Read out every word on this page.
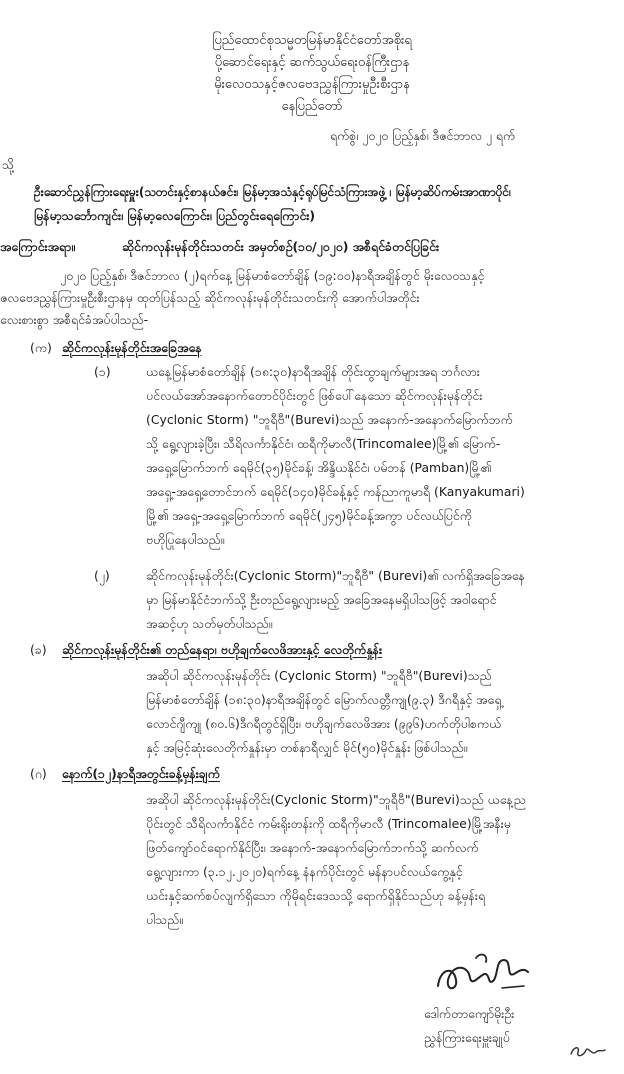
ပြည်ထောင်စုသမ္မတမြန်မာနိုင်ငံတော်အစိုးရ
ပို့ဆောင်ရေးနှင့် ဆက်သွယ်ရေးဝန်ကြီးဌာန
မိုးလေဝသနှင့်ဇလဗေဒညွှန်ကြားမှုဦးစီးဌာန
နေပြည်တော်
ရက်စွဲ၊ ၂၀၂၀ ပြည့်နှစ်၊ ဒီဇင်ဘာလ ၂ ရက်
သို့
ဦးဆောင်ညွှန်ကြားရေးမှူး(သတင်းနှင့်စာနယ်ဇင်း၊ မြန်မာ့အသံနှင့်ရုပ်မြင်သံကြားအဖွဲ့ ၊ မြန်မာ့ဆိပ်ကမ်းအာဏာပိုင်၊
မြန်မာ့သင်္ဘောကျင်း၊ မြန်မာ့လေကြောင်း၊ ပြည်တွင်းရေကြောင်း)
အကြောင်းအရာ။	ဆိုင်ကလုန်းမုန်တိုင်းသတင်း အမှတ်စဉ်(၁၀/၂၀၂၀) အစီရင်ခံတင်ပြခြင်း
၂၀၂၀ ပြည့်နှစ်၊ ဒီဇင်ဘာလ (၂)ရက်နေ့ မြန်မာစံတော်ချိန် (၁၉:၀၀)နာရီအချိန်တွင် မိုးလေဝသနှင့်
ဇလဗေဒညွှန်ကြားမှုဦးစီးဌာနမှ ထုတ်ပြန်သည့် ဆိုင်ကလုန်းမုန်တိုင်းသတင်းကို အောက်ပါအတိုင်း
လေးစားစွာ အစီရင်ခံအပ်ပါသည်-
(က) ဆိုင်ကလုန်းမုန်တိုင်းအခြေအနေ
(၁)	ယနေ့မြန်မာစံတော်ချိန် (၁၈:၃၀)နာရီအချိန် တိုင်းထွာချက်များအရ ဘင်္ဂလား
ပင်လယ်အော်အနောက်တောင်ပိုင်းတွင် ဖြစ်ပေါ်နေသော ဆိုင်ကလုန်းမုန်တိုင်း
(Cyclonic Storm) "ဘူရီဗီ"(Burevi)သည် အနောက်-အနောက်မြောက်ဘက်
သို့ ရွေ့လျားခဲ့ပြီး၊ သီရိလင်္ကာနိုင်ငံ၊ ထရီကိုမာလီ(Trincomalee)မြို့၏ မြောက်-
အရှေ့မြောက်ဘက် ရေမိုင်(၃၅)မိုင်ခန့်၊ အိန္ဒိယနိုင်ငံ၊ ပမ်ဘန် (Pamban)မြို့၏
အရှေ့-အရှေ့တောင်ဘက် ရေမိုင်(၁၄၀)မိုင်ခန့်နှင့် ကန်ညာကူမာရီ (Kanyakumari)
မြို့၏ အရှေ့-အရှေ့မြောက်ဘက် ရေမိုင်(၂၄၅)မိုင်ခန့်အကွာ ပင်လယ်ပြင်ကို
ဗဟိုပြုနေပါသည်။
(၂)	ဆိုင်ကလုန်းမုန်တိုင်း(Cyclonic Storm)"ဘူရီဗီ" (Burevi)၏ လက်ရှိအခြေအနေ
မှာ မြန်မာနိုင်ငံဘက်သို့ ဦးတည်ရွေ့လျားမည့် အခြေအနေမရှိပါသဖြင့် အဝါရောင်
အဆင့်ဟု သတ်မှတ်ပါသည်။
(ခ) ဆိုင်ကလုန်းမုန်တိုင်း၏ တည်နေရာ၊ ဗဟိုချက်လေဖိအားနှင့် လေတိုက်နှုန်း
အဆိုပါ ဆိုင်ကလုန်းမုန်တိုင်း (Cyclonic Storm) "ဘူရီဗီ"(Burevi)သည်
မြန်မာစံတော်ချိန် (၁၈:၃၀)နာရီအချိန်တွင် မြောက်လတ္တီကျု(၉.၃) ဒီဂရီနှင့် အရှေ့
လောင်ဂျီကျု (၈၀.၆)ဒီဂရီတွင်ရှိပြီး၊ ဗဟိုချက်လေဖိအား (၉၉၆)ဟက်တိုပါစကယ်
နှင့် အမြင့်ဆုံးလေတိုက်နှုန်းမှာ တစ်နာရီလျှင် မိုင်(၅၀)မိုင်နှုန်း ဖြစ်ပါသည်။
(ဂ) နောက်(၁၂)နာရီအတွင်းခန့်မှန်းချက်
အဆိုပါ ဆိုင်ကလုန်းမုန်တိုင်း(Cyclonic Storm)"ဘူရီဗီ"(Burevi)သည် ယနေ့ည
ပိုင်းတွင် သီရိလင်္ကာနိုင်ငံ ကမ်းရိုးတန်းကို ထရီကိုမာလီ (Trincomalee)မြို့အနီးမှ
ဖြတ်ကျော်ဝင်ရောက်နိုင်ပြီး၊ အနောက်-အနောက်မြောက်ဘက်သို့ ဆက်လက်
ရွေ့လျားကာ (၃.၁၂.၂၀၂၀)ရက်နေ့ နံနက်ပိုင်းတွင် မန်နာပင်လယ်ကွေ့နှင့်
ယင်းနှင့်ဆက်စပ်လျက်ရှိသော ကိုမိုရင်းဒေသသို့ ရောက်ရှိနိုင်သည်ဟု ခန့်မှန်းရ
ပါသည်။
ဒေါက်တာကျော်မိုးဦး
ညွှန်ကြားရေးမှူးချုပ်
